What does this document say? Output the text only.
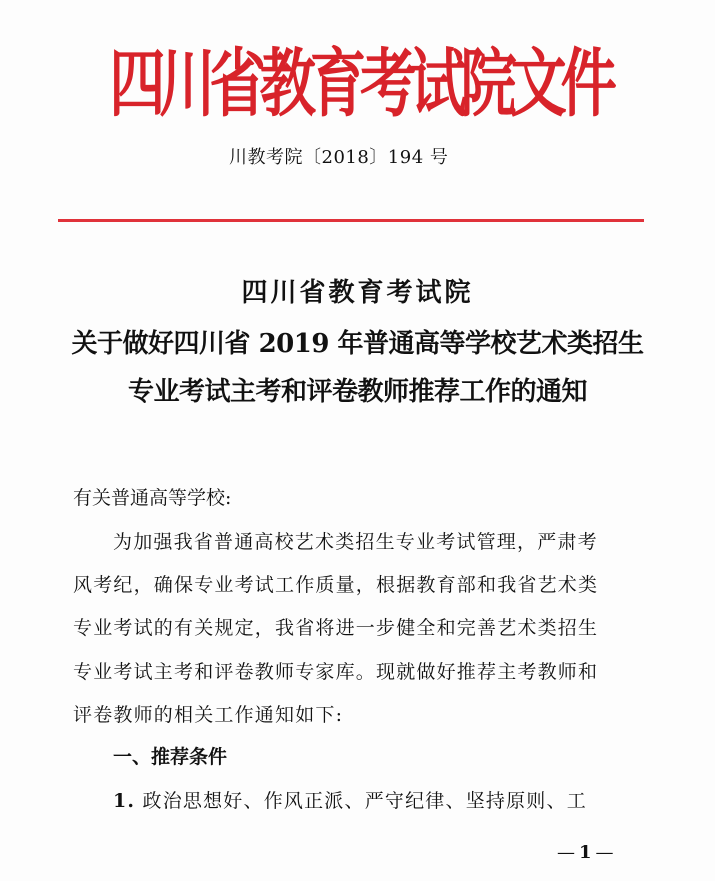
四川省教育考试院文件
川教考院〔2018〕194 号
四川省教育考试院
关于做好四川省 2019 年普通高等学校艺术类招生
专业考试主考和评卷教师推荐工作的通知
有关普通高等学校:
为加强我省普通高校艺术类招生专业考试管理，严肃考
风考纪，确保专业考试工作质量，根据教育部和我省艺术类
专业考试的有关规定，我省将进一步健全和完善艺术类招生
专业考试主考和评卷教师专家库。现就做好推荐主考教师和
评卷教师的相关工作通知如下:
一、推荐条件
1. 政治思想好、作风正派、严守纪律、坚持原则、工
— 1 —
